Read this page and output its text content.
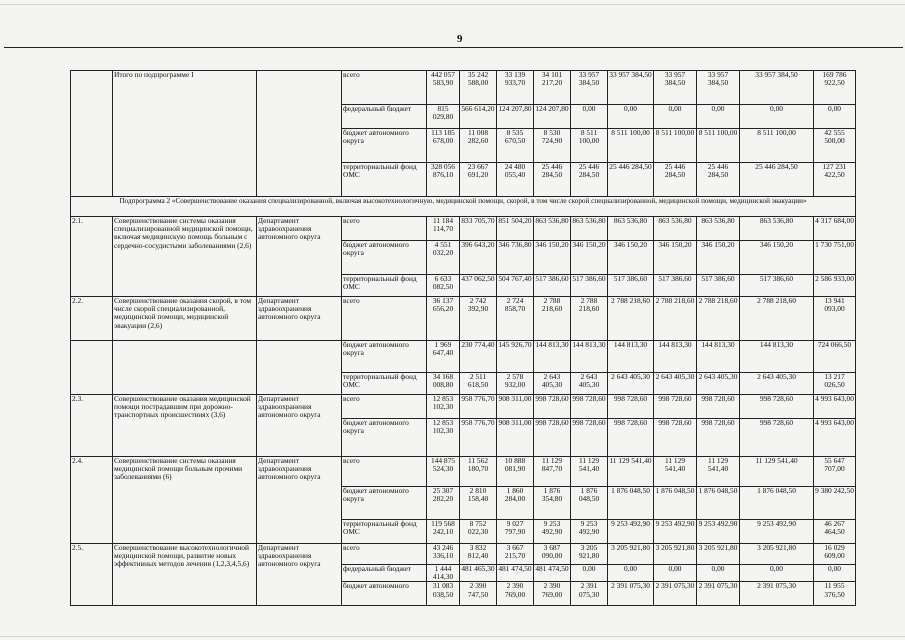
9
	Итого по подпрограмме I		всего	442 057 583,90	35 242 588,00	33 139 933,70	34 101 217,20	33 957 384,50	33 957 384,50	33 957 384,50	33 957 384,50	33 957 384,50	169 786 922,50
			федеральный бюджет	815 029,80	566 614,20	124 207,80	124 207,80	0,00	0,00	0,00	0,00	0,00	0,00
			бюджет автономного округа	113 185 678,00	11 008 282,60	8 535 670,50	8 530 724,90	8 511 100,00	8 511 100,00	8 511 100,00	8 511 100,00	8 511 100,00	42 555 500,00
			территориальный фонд ОМС	328 056 876,10	23 667 691,20	24 480 055,40	25 446 284,50	25 446 284,50	25 446 284,50	25 446 284,50	25 446 284,50	25 446 284,50	127 231 422,50
Подпрограмма 2 «Совершенствование оказания специализированной, включая высокотехнологичную, медицинской помощи, скорой, в том числе скорой специализированной, медицинской помощи, медицинской эвакуации»													
2.1.	Совершенствование системы оказания специализированной медицинской помощи, включая медицинскую помощь больным с сердечно-сосудистыми заболеваниями (2,6)	Департамент здравоохранения автономного округа	всего	11 184 114,70	833 705,70	851 504,20	863 536,80	863 536,80	863 536,80	863 536,80	863 536,80	863 536,80	4 317 684,00
			бюджет автономного округа	4 551 032,20	396 643,20	346 736,80	346 150,20	346 150,20	346 150,20	346 150,20	346 150,20	346 150,20	1 730 751,00
			территориальный фонд ОМС	6 633 082,50	437 062,50	504 767,40	517 386,60	517 386,60	517 386,60	517 386,60	517 386,60	517 386,60	2 586 933,00
2.2.	Совершенствование оказания скорой, в том числе скорой специализированной, медицинской помощи, медицинской эвакуации (2,6)	Департамент здравоохранения автономного округа	всего	36 137 656,20	2 742 392,90	2 724 858,70	2 788 218,60	2 788 218,60	2 788 218,60	2 788 218,60	2 788 218,60	2 788 218,60	13 941 093,00
			бюджет автономного округа	1 969 647,40	230 774,40	145 926,70	144 813,30	144 813,30	144 813,30	144 813,30	144 813,30	144 813,30	724 066,50
			территориальный фонд ОМС	34 168 008,80	2 511 618,50	2 578 932,00	2 643 405,30	2 643 405,30	2 643 405,30	2 643 405,30	2 643 405,30	2 643 405,30	13 217 026,50
2.3.	Совершенствование оказания медицинской помощи пострадавшим при дорожно-транспортных происшествиях (3,6)	Департамент здравоохранения автономного округа	всего	12 853 102,30	958 776,70	908 311,00	998 728,60	998 728,60	998 728,60	998 728,60	998 728,60	998 728,60	4 993 643,00
			бюджет автономного округа	12 853 102,30	958 776,70	908 311,00	998 728,60	998 728,60	998 728,60	998 728,60	998 728,60	998 728,60	4 993 643,00
2.4.	Совершенствование системы оказания медицинской помощи больным прочими заболеваниями (6)	Департамент здравоохранения автономного округа	всего	144 875 524,30	11 562 180,70	10 888 081,90	11 129 847,70	11 129 541,40	11 129 541,40	11 129 541,40	11 129 541,40	11 129 541,40	55 647 707,00
			бюджет автономного округа	25 307 282,20	2 810 158,40	1 860 284,00	1 876 354,80	1 876 048,50	1 876 048,50	1 876 048,50	1 876 048,50	1 876 048,50	9 380 242,50
			территориальный фонд ОМС	119 568 242,10	8 752 022,30	9 027 797,90	9 253 492,90	9 253 492,90	9 253 492,90	9 253 492,90	9 253 492,90	9 253 492,90	46 267 464,50
2.5.	Совершенствование высокотехнологичной медицинской помощи, развитие новых эффективных методов лечения (1,2,3,4,5,6)	Департамент здравоохранения автономного округа	всего	43 246 336,10	3 832 812,40	3 667 215,70	3 687 090,00	3 205 921,80	3 205 921,80	3 205 921,80	3 205 921,80	3 205 921,80	16 029 609,00
			федеральный бюджет	1 444 414,30	481 465,30	481 474,50	481 474,50	0,00	0,00	0,00	0,00	0,00	0,00
			бюджет автономного	31 083 038,50	2 390 747,50	2 390 769,00	2 390 769,00	2 391 075,30	2 391 075,30	2 391 075,30	2 391 075,30	2 391 075,30	11 955 376,50
